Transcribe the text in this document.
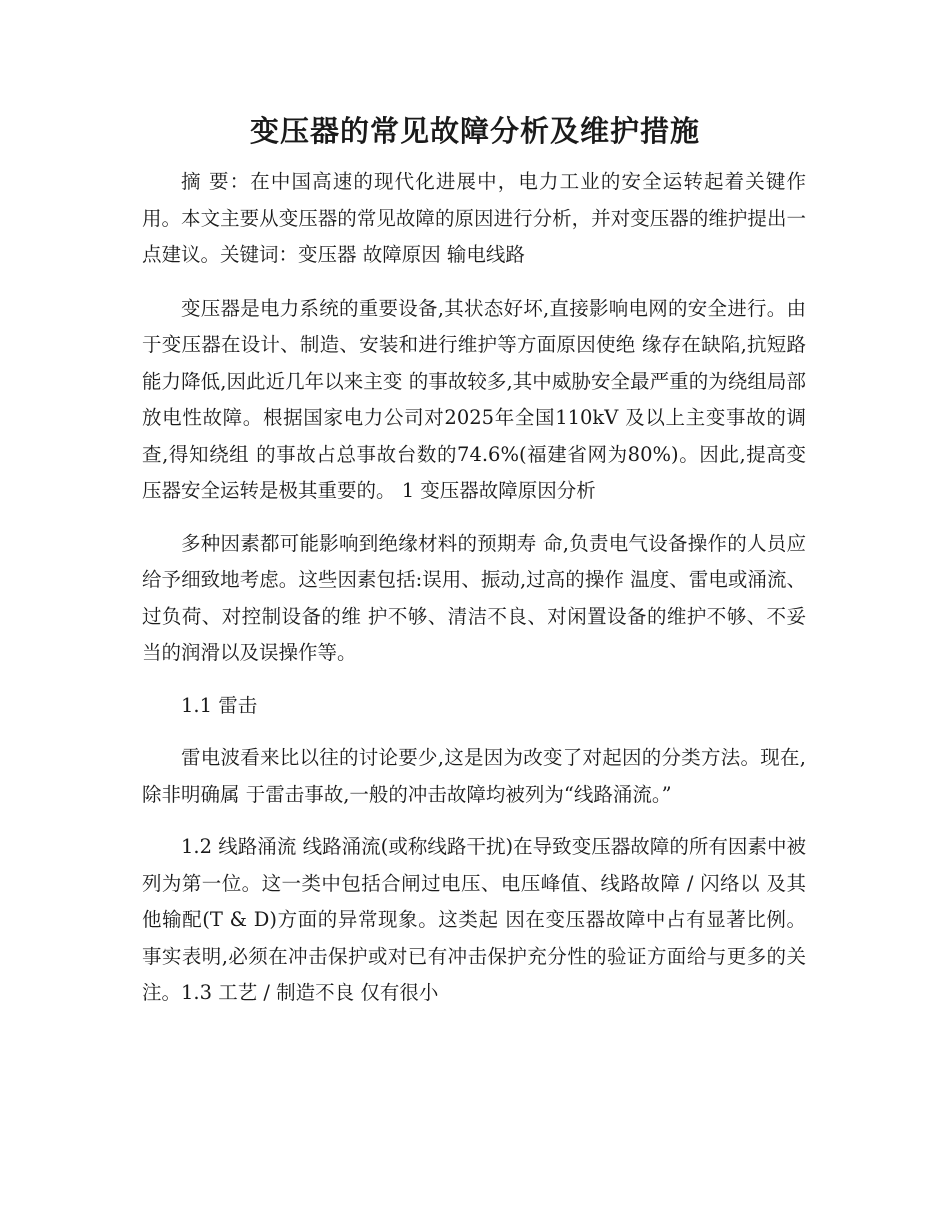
变压器的常见故障分析及维护措施

摘 要：在中国高速的现代化进展中，电力工业的安全运转起着关键作用。本文主要从变压器的常见故障的原因进行分析，并对变压器的维护提出一点建议。关键词：变压器 故障原因 输电线路

变压器是电力系统的重要设备,其状态好坏,直接影响电网的安全进行。由于变压器在设计、制造、安装和进行维护等方面原因使绝 缘存在缺陷,抗短路能力降低,因此近几年以来主变 的事故较多,其中威胁安全最严重的为绕组局部放电性故障。根据国家电力公司对2025年全国110kV 及以上主变事故的调查,得知绕组 的事故占总事故台数的74.6%(福建省网为80%)。因此,提高变压器安全运转是极其重要的。 1 变压器故障原因分析

多种因素都可能影响到绝缘材料的预期寿 命,负责电气设备操作的人员应给予细致地考虑。这些因素包括:误用、振动,过高的操作 温度、雷电或涌流、过负荷、对控制设备的维 护不够、清洁不良、对闲置设备的维护不够、不妥当的润滑以及误操作等。

1.1 雷击

雷电波看来比以往的讨论要少,这是因为改变了对起因的分类方法。现在,除非明确属 于雷击事故,一般的冲击故障均被列为“线路涌流。”

1.2 线路涌流 线路涌流(或称线路干扰)在导致变压器故障的所有因素中被列为第一位。这一类中包括合闸过电压、电压峰值、线路故障 / 闪络以 及其他输配(T & D)方面的异常现象。这类起 因在变压器故障中占有显著比例。事实表明,必须在冲击保护或对已有冲击保护充分性的验证方面给与更多的关注。1.3 工艺 / 制造不良 仅有很小
